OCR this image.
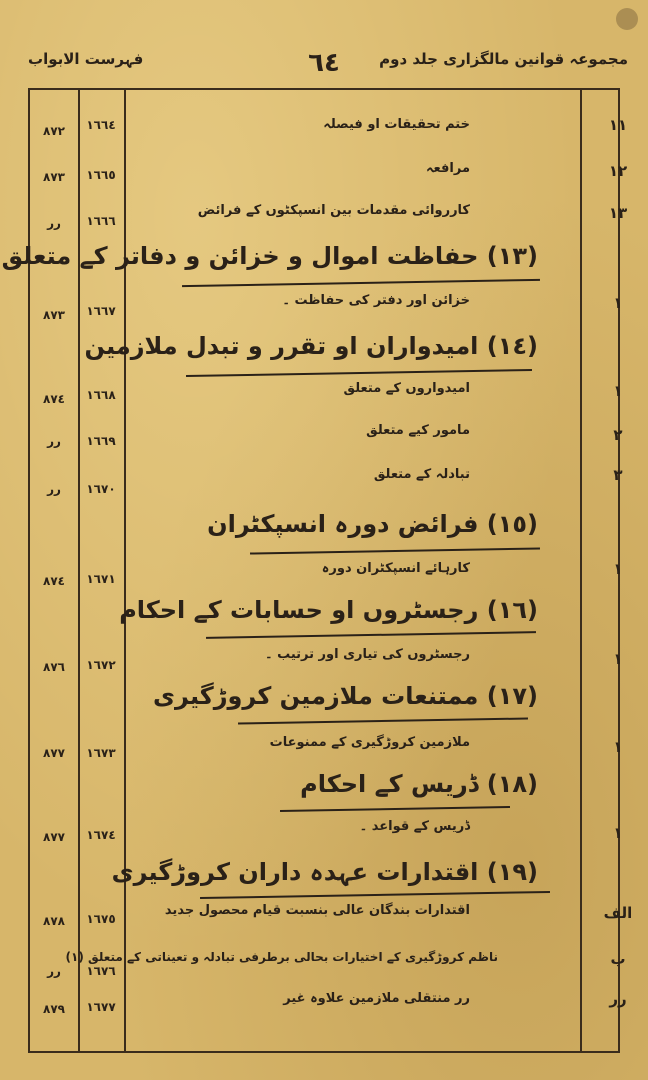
مجموعہ قوانین مالگزاری جلد دوم
٦٤
فہرست الابواب
١١
ختم تحقیقات او فیصلہ
١٦٦٤
٨٧٢
١٢
مرافعہ
١٦٦٥
٨٧٣
١٣
کارروائی مقدمات بین انسپکٹوں کے فرائض
١٦٦٦
رر
(١٣) حفاظت اموال و خزائن و دفاتر کے متعلق
١
خزائن اور دفتر کی حفاظت ۔
١٦٦٧
٨٧٣
(١٤) امیدواران او تقرر و تبدل ملازمین
١
امیدواروں کے متعلق
١٦٦٨
٨٧٤
٢
مامور کیے متعلق
١٦٦٩
رر
٣
تبادلہ کے متعلق
١٦٧٠
رر
(١٥) فرائض دورہ انسپکٹران
١
کارہائے انسپکٹران دورہ
١٦٧١
٨٧٤
(١٦) رجسٹروں او حسابات کے احکام
١
رجسٹروں کی تیاری اور ترتیب ۔
١٦٧٢
٨٧٦
(١٧) ممتنعات ملازمین کروڑگیری
١
ملازمین کروڑگیری کے ممنوعات
١٦٧٣
٨٧٧
(١٨) ڈریس کے احکام
١
ڈریس کے قواعد ۔
١٦٧٤
٨٧٧
(١٩) اقتدارات عہدہ داران کروڑگیری
الف
اقتدارات بندگان عالی بنسبت قیام محصول جدید
١٦٧٥
٨٧٨
ب
ناظم کروڑگیری کے اختیارات بحالی برطرفی تبادلہ و تعیناتی کے متعلق (١)
١٦٧٦
رر
رر
رر منتقلی ملازمین علاوہ غیر
١٦٧٧
٨٧٩
